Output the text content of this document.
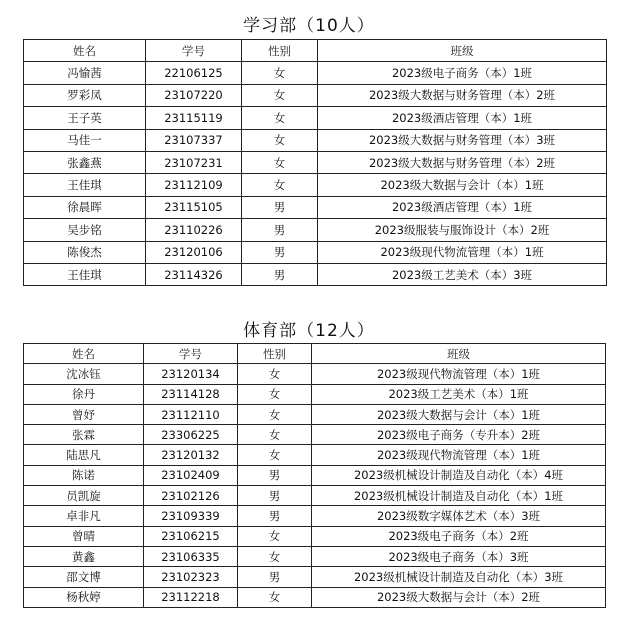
学习部（10人）
姓名	学号	性别	班级
冯愉茜	22106125	女	2023级电子商务（本）1班
罗彩凤	23107220	女	2023级大数据与财务管理（本）2班
王子英	23115119	女	2023级酒店管理（本）1班
马佳一	23107337	女	2023级大数据与财务管理（本）3班
张鑫燕	23107231	女	2023级大数据与财务管理（本）2班
王佳琪	23112109	女	2023级大数据与会计（本）1班
徐晨晖	23115105	男	2023级酒店管理（本）1班
吴步铭	23110226	男	2023级服装与服饰设计（本）2班
陈俊杰	23120106	男	2023级现代物流管理（本）1班
王佳琪	23114326	男	2023级工艺美术（本）3班
体育部（12人）
姓名	学号	性别	班级
沈冰钰	23120134	女	2023级现代物流管理（本）1班
徐丹	23114128	女	2023级工艺美术（本）1班
曾妤	23112110	女	2023级大数据与会计（本）1班
张霖	23306225	女	2023级电子商务（专升本）2班
陆思凡	23120132	女	2023级现代物流管理（本）1班
陈诺	23102409	男	2023级机械设计制造及自动化（本）4班
员凯旋	23102126	男	2023级机械设计制造及自动化（本）1班
卓非凡	23109339	男	2023级数字媒体艺术（本）3班
曾晴	23106215	女	2023级电子商务（本）2班
黄鑫	23106335	女	2023级电子商务（本）3班
邵文博	23102323	男	2023级机械设计制造及自动化（本）3班
杨秋婷	23112218	女	2023级大数据与会计（本）2班
